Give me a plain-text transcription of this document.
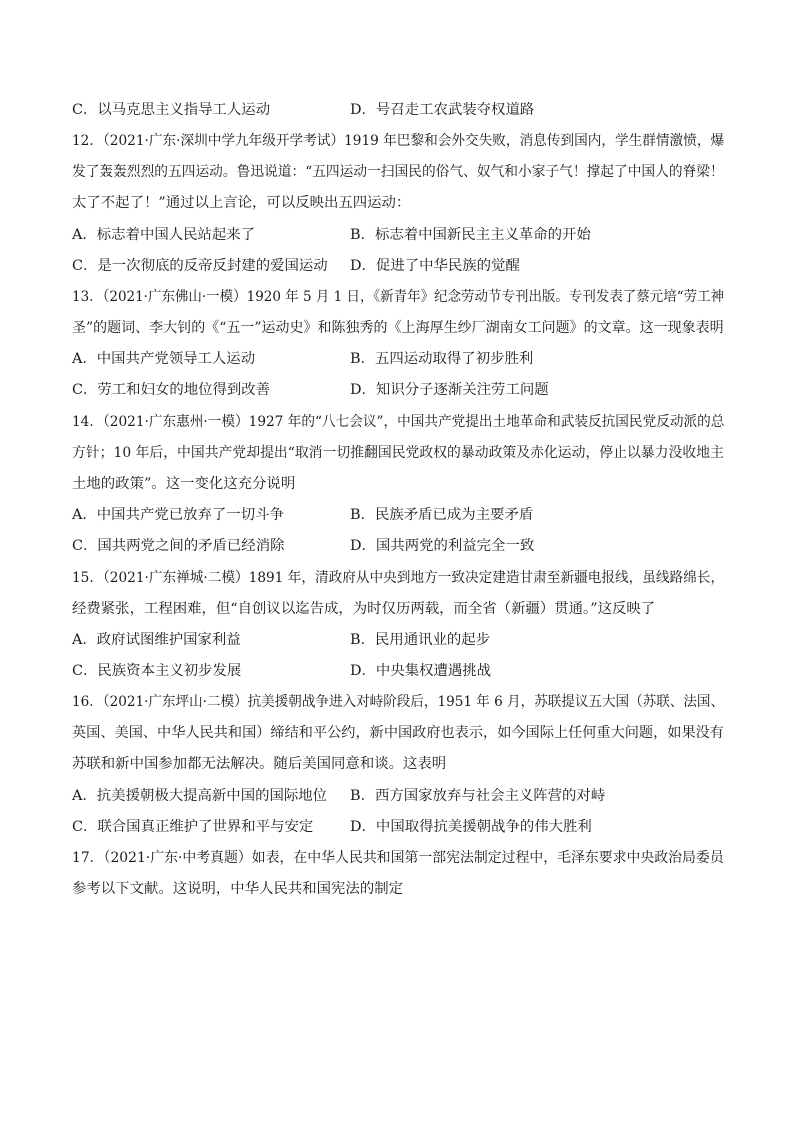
C．以马克思主义指导工人运动	D．号召走工农武装夺权道路
12．（2021·广东·深圳中学九年级开学考试）1919 年巴黎和会外交失败，消息传到国内，学生群情激愤，爆
发了轰轰烈烈的五四运动。鲁迅说道：“五四运动一扫国民的俗气、奴气和小家子气！撑起了中国人的脊梁！
太了不起了！”通过以上言论，可以反映出五四运动：
A．标志着中国人民站起来了	B．标志着中国新民主主义革命的开始
C．是一次彻底的反帝反封建的爱国运动 D．促进了中华民族的觉醒
13．（2021·广东佛山·一模）1920 年 5 月 1 日，《新青年》纪念劳动节专刊出版。专刊发表了蔡元培“劳工神
圣”的题词、李大钊的《“五一”运动史》和陈独秀的《上海厚生纱厂湖南女工问题》的文章。这一现象表明
A．中国共产党领导工人运动	B．五四运动取得了初步胜利
C．劳工和妇女的地位得到改善	D．知识分子逐渐关注劳工问题
14．（2021·广东惠州·一模）1927 年的“八七会议”，中国共产党提出土地革命和武装反抗国民党反动派的总
方针；10 年后，中国共产党却提出“取消一切推翻国民党政权的暴动政策及赤化运动，停止以暴力没收地主
土地的政策”。这一变化这充分说明
A．中国共产党已放弃了一切斗争	B．民族矛盾已成为主要矛盾
C．国共两党之间的矛盾已经消除	D．国共两党的利益完全一致
15．（2021·广东禅城·二模）1891 年，清政府从中央到地方一致决定建造甘肃至新疆电报线，虽线路绵长，
经费紧张，工程困难，但“自创议以迄告成，为时仅历两载，而全省（新疆）贯通。”这反映了
A．政府试图维护国家利益	B．民用通讯业的起步
C．民族资本主义初步发展	D．中央集权遭遇挑战
16．（2021·广东坪山·二模）抗美援朝战争进入对峙阶段后，1951 年 6 月，苏联提议五大国（苏联、法国、
英国、美国、中华人民共和国）缔结和平公约，新中国政府也表示，如今国际上任何重大问题，如果没有
苏联和新中国参加都无法解决。随后美国同意和谈。这表明
A．抗美援朝极大提高新中国的国际地位 B．西方国家放弃与社会主义阵营的对峙
C．联合国真正维护了世界和平与安定	D．中国取得抗美援朝战争的伟大胜利
17．（2021·广东·中考真题）如表，在中华人民共和国第一部宪法制定过程中，毛泽东要求中央政治局委员
参考以下文献。这说明，中华人民共和国宪法的制定
